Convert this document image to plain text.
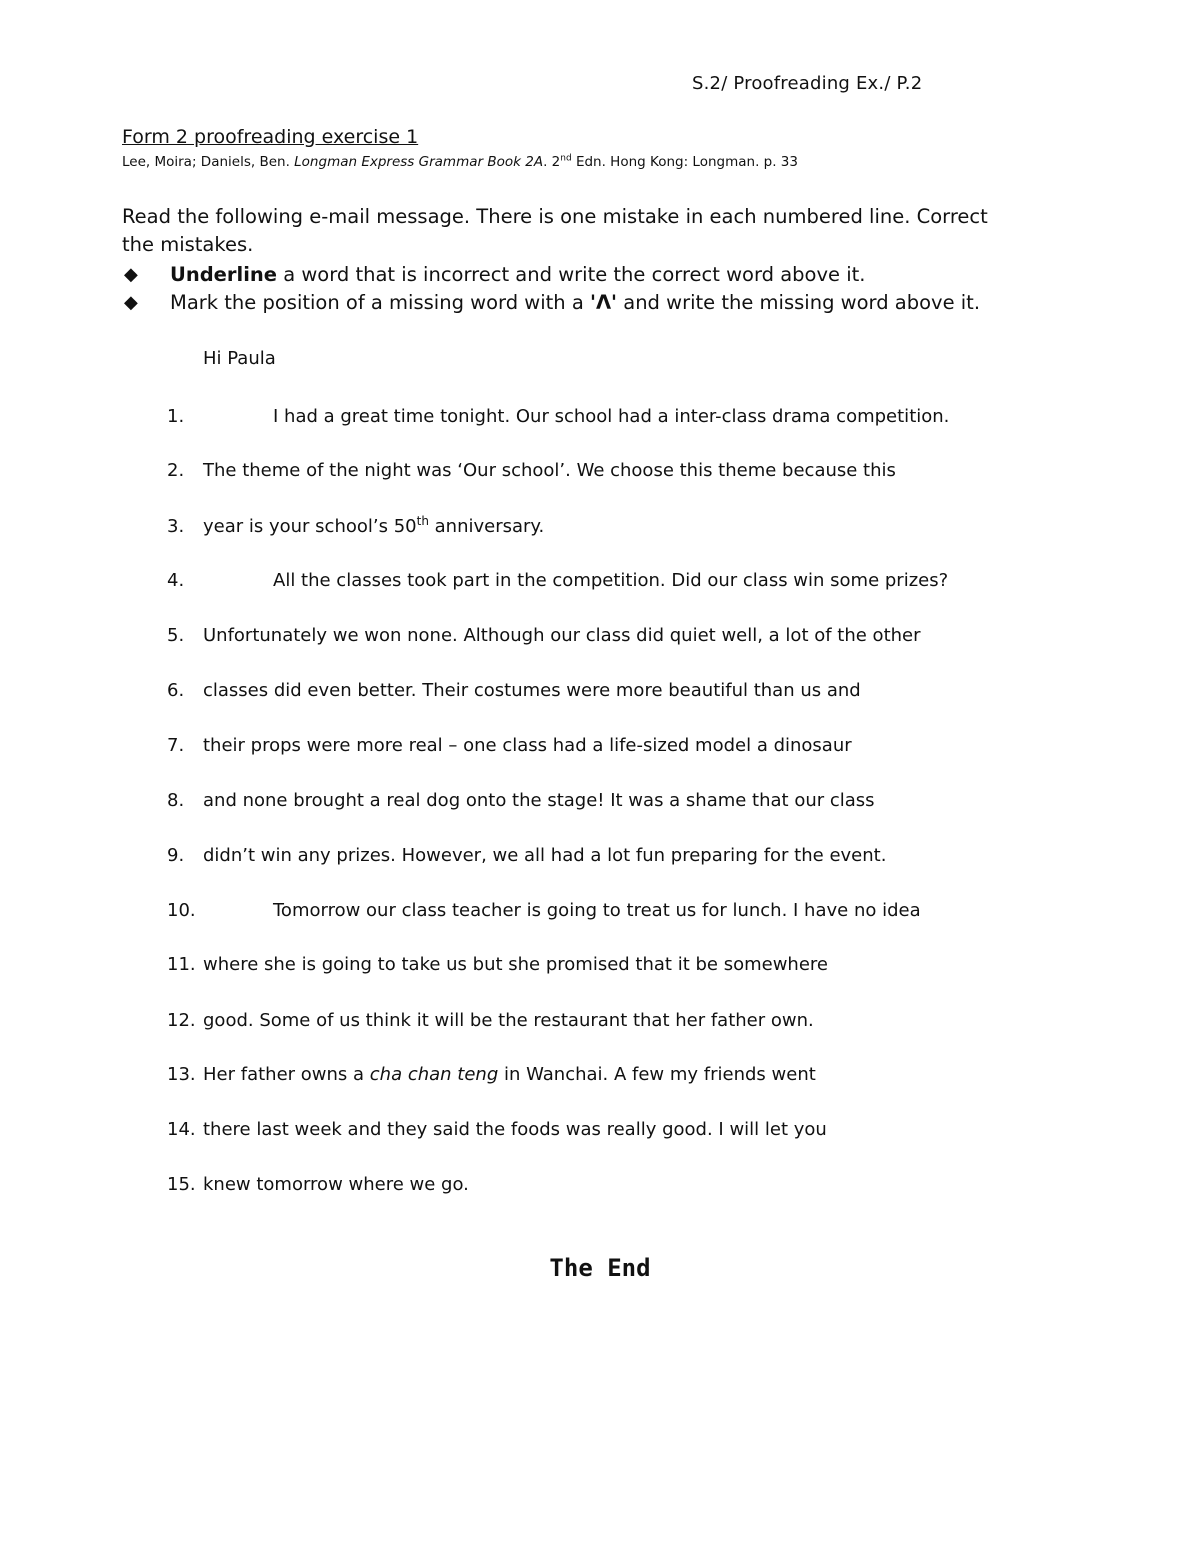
S.2/ Proofreading Ex./ P.2
Form 2 proofreading exercise 1
Lee, Moira; Daniels, Ben. Longman Express Grammar Book 2A. 2nd Edn. Hong Kong: Longman. p. 33
Read the following e-mail message. There is one mistake in each numbered line. Correct the mistakes.
◆ Underline a word that is incorrect and write the correct word above it.
◆ Mark the position of a missing word with a 'Λ' and write the missing word above it.
Hi Paula
1.	I had a great time tonight. Our school had a inter-class drama competition.
2. The theme of the night was ‘Our school’. We choose this theme because this
3. year is your school’s 50th anniversary.
4.	All the classes took part in the competition. Did our class win some prizes?
5. Unfortunately we won none. Although our class did quiet well, a lot of the other
6. classes did even better. Their costumes were more beautiful than us and
7. their props were more real – one class had a life-sized model a dinosaur
8. and none brought a real dog onto the stage! It was a shame that our class
9. didn’t win any prizes. However, we all had a lot fun preparing for the event.
10.	Tomorrow our class teacher is going to treat us for lunch. I have no idea
11. where she is going to take us but she promised that it be somewhere
12. good. Some of us think it will be the restaurant that her father own.
13. Her father owns a cha chan teng in Wanchai. A few my friends went
14. there last week and they said the foods was really good. I will let you
15. knew tomorrow where we go.
The End
